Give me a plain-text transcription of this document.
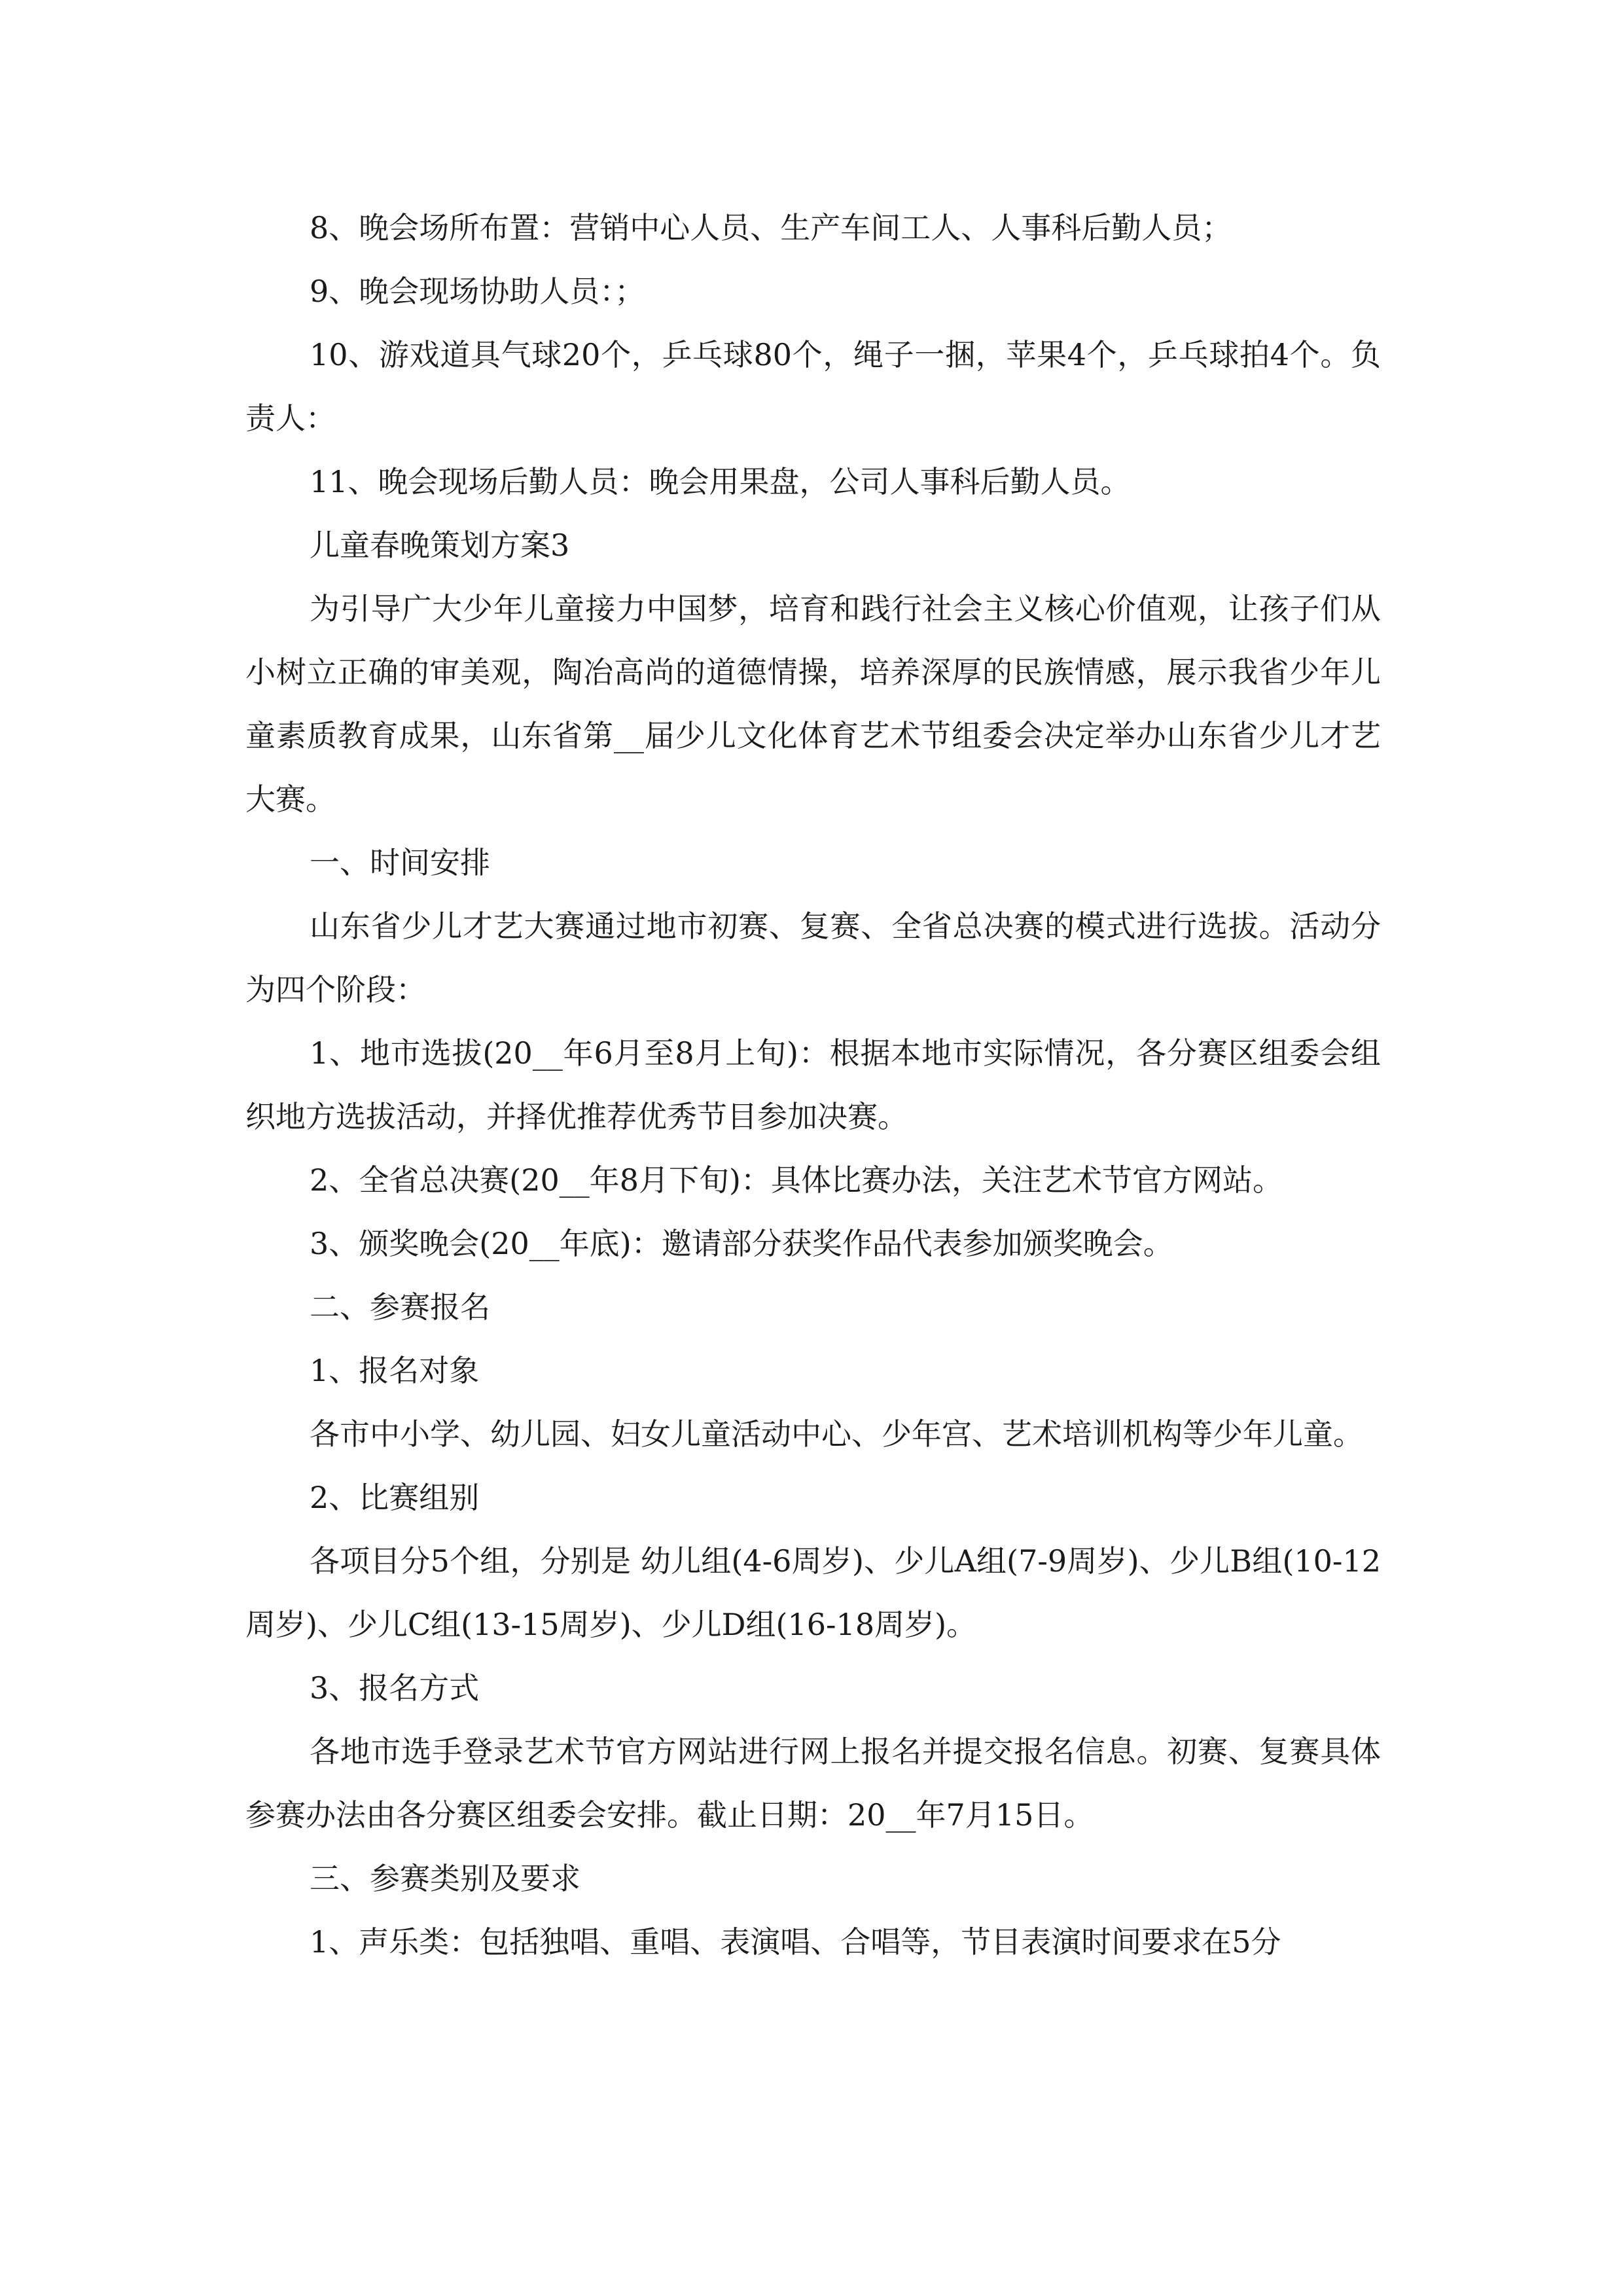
8、晚会场所布置：营销中心人员、生产车间工人、人事科后勤人员；

9、晚会现场协助人员：；

10、游戏道具气球20个，乒乓球80个，绳子一捆，苹果4个，乒乓球拍4个。负责人：

11、晚会现场后勤人员：晚会用果盘，公司人事科后勤人员。

儿童春晚策划方案3

为引导广大少年儿童接力中国梦，培育和践行社会主义核心价值观，让孩子们从小树立正确的审美观，陶冶高尚的道德情操，培养深厚的民族情感，展示我省少年儿童素质教育成果，山东省第__届少儿文化体育艺术节组委会决定举办山东省少儿才艺大赛。

一、时间安排

山东省少儿才艺大赛通过地市初赛、复赛、全省总决赛的模式进行选拔。活动分为四个阶段：

1、地市选拔(20__年6月至8月上旬)：根据本地市实际情况，各分赛区组委会组织地方选拔活动，并择优推荐优秀节目参加决赛。

2、全省总决赛(20__年8月下旬)：具体比赛办法，关注艺术节官方网站。

3、颁奖晚会(20__年底)：邀请部分获奖作品代表参加颁奖晚会。

二、参赛报名

1、报名对象

各市中小学、幼儿园、妇女儿童活动中心、少年宫、艺术培训机构等少年儿童。

2、比赛组别

各项目分5个组，分别是 幼儿组(4-6周岁)、少儿A组(7-9周岁)、少儿B组(10-12周岁)、少儿C组(13-15周岁)、少儿D组(16-18周岁)。

3、报名方式

各地市选手登录艺术节官方网站进行网上报名并提交报名信息。初赛、复赛具体参赛办法由各分赛区组委会安排。截止日期：20__年7月15日。

三、参赛类别及要求

1、声乐类：包括独唱、重唱、表演唱、合唱等，节目表演时间要求在5分
